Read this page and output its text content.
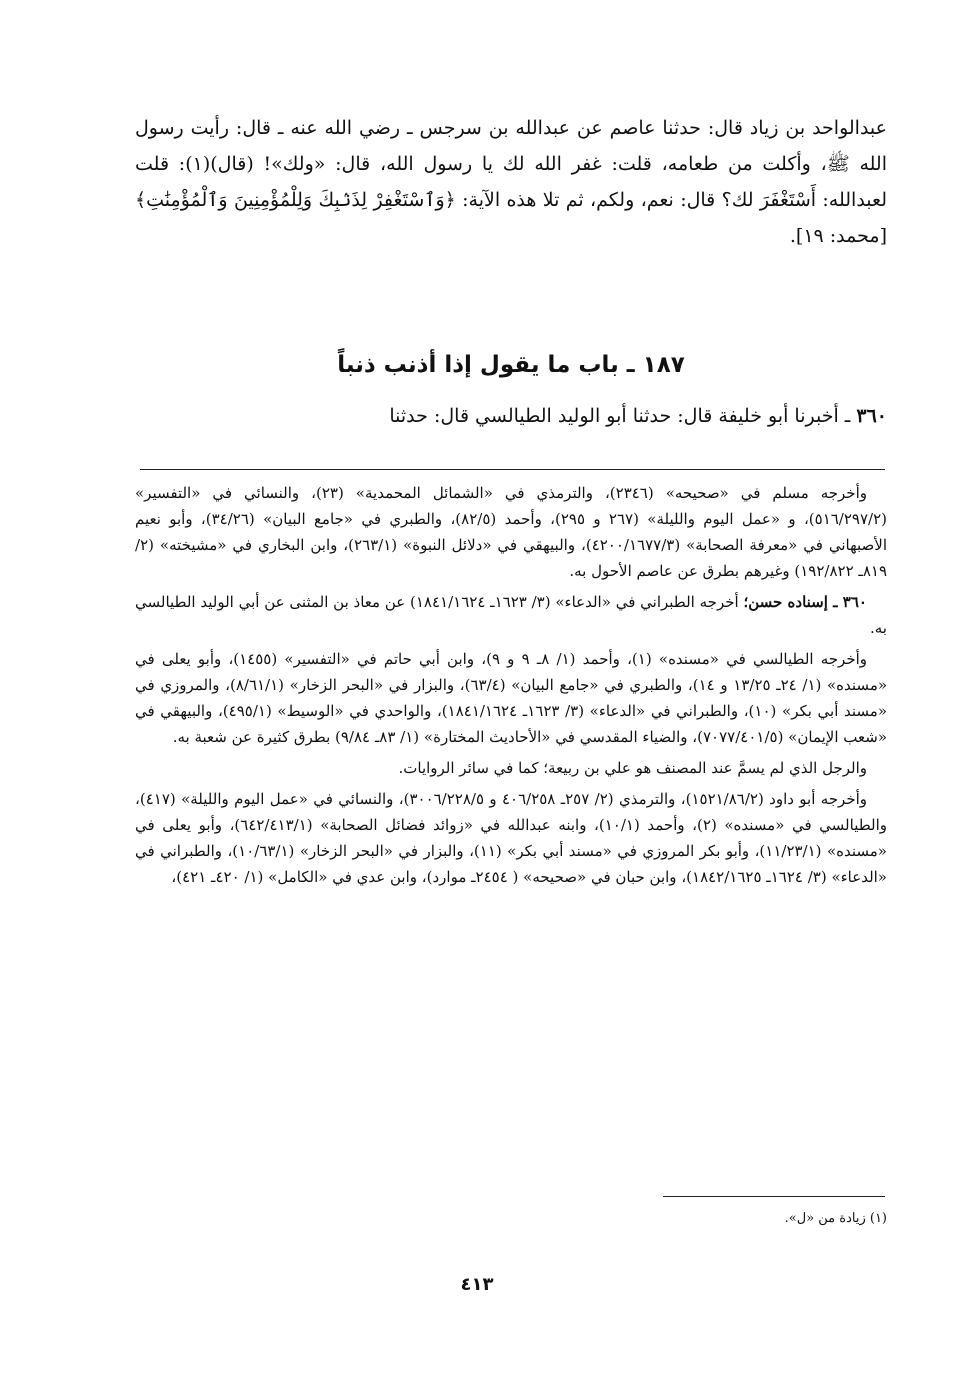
عبدالواحد بن زياد قال: حدثنا عاصم عن عبدالله بن سرجس ـ رضي الله عنه ـ قال: رأيت رسول الله ﷺ، وأكلت من طعامه، قلت: غفر الله لك يا رسول الله، قال: «ولك»! (قال)(١): قلت لعبدالله: أَسْتَغْفَرَ لك؟ قال: نعم، ولكم، ثم تلا هذه الآية: ﴿وَٱسْتَغْفِرْ لِذَنۢبِكَ وَلِلْمُؤْمِنِينَ وَٱلْمُؤْمِنَٰتِ﴾ [محمد: ١٩].

١٨٧ ـ باب ما يقول إذا أذنب ذنباً
٣٦٠ ـ أخبرنا أبو خليفة قال: حدثنا أبو الوليد الطيالسي قال: حدثنا

وأخرجه مسلم في «صحيحه» (٢٣٤٦)، والترمذي في «الشمائل المحمدية» (٢٣)، والنسائي في «التفسير» (٥١٦/٢٩٧/٢)، و «عمل اليوم والليلة» (٢٦٧ و ٢٩٥)، وأحمد (٨٢/٥)، والطبري في «جامع البيان» (٣٤/٢٦)، وأبو نعيم الأصبهاني في «معرفة الصحابة» (٤٢٠٠/١٦٧٧/٣)، والبيهقي في «دلائل النبوة» (٢٦٣/١)، وابن البخاري في «مشيخته» (٢/ ٨١٩ـ ١٩٢/٨٢٢) وغيرهم بطرق عن عاصم الأحول به.

٣٦٠ ـ إسناده حسن؛ أخرجه الطبراني في «الدعاء» (٣/ ١٦٢٣ـ ١٨٤١/١٦٢٤) عن معاذ بن المثنى عن أبي الوليد الطيالسي به.

وأخرجه الطيالسي في «مسنده» (١)، وأحمد (١/ ٨ـ ٩ و ٩)، وابن أبي حاتم في «التفسير» (١٤٥٥)، وأبو يعلى في «مسنده» (١/ ٢٤ـ ١٣/٢٥ و ١٤)، والطبري في «جامع البيان» (٦٣/٤)، والبزار في «البحر الزخار» (٨/٦١/١)، والمروزي في «مسند أبي بكر» (١٠)، والطبراني في «الدعاء» (٣/ ١٦٢٣ـ ١٨٤١/١٦٢٤)، والواحدي في «الوسيط» (٤٩٥/١)، والبيهقي في «شعب الإيمان» (٧٠٧٧/٤٠١/٥)، والضياء المقدسي في «الأحاديث المختارة» (١/ ٨٣ـ ٩/٨٤) بطرق كثيرة عن شعبة به.

والرجل الذي لم يسمَّ عند المصنف هو علي بن ربيعة؛ كما في سائر الروايات.

وأخرجه أبو داود (١٥٢١/٨٦/٢)، والترمذي (٢/ ٢٥٧ـ ٤٠٦/٢٥٨ و ٣٠٠٦/٢٢٨/٥)، والنسائي في «عمل اليوم والليلة» (٤١٧)، والطيالسي في «مسنده» (٢)، وأحمد (١٠/١)، وابنه عبدالله في «زوائد فضائل الصحابة» (٦٤٢/٤١٣/١)، وأبو يعلى في «مسنده» (١١/٢٣/١)، وأبو بكر المروزي في «مسند أبي بكر» (١١)، والبزار في «البحر الزخار» (١٠/٦٣/١)، والطبراني في «الدعاء» (٣/ ١٦٢٤ـ ١٨٤٢/١٦٢٥)، وابن حبان في «صحيحه» ( ٢٤٥٤ـ موارد)، وابن عدي في «الكامل» (١/ ٤٢٠ـ ٤٢١)،

(١) زيادة من «ل».
٤١٣
